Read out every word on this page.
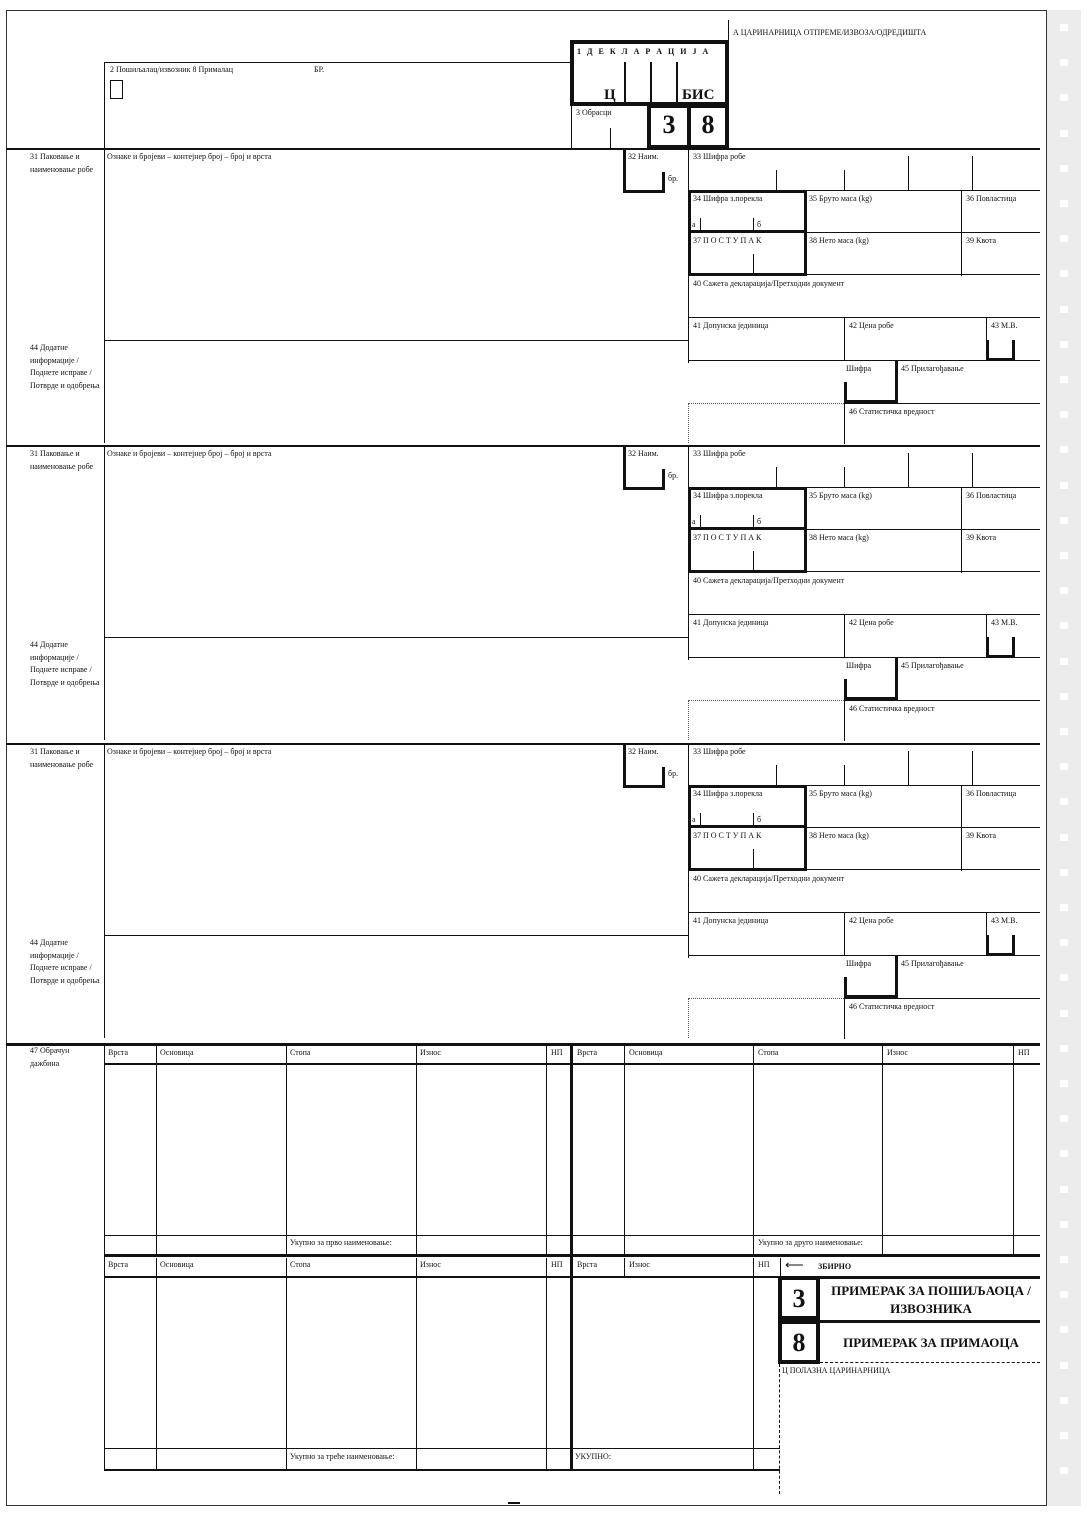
А ЦАРИНАРНИЦА ОТПРЕМЕ/ИЗВОЗА/ОДРЕДИШТА
2 Пошиљалац/извозник 8 Прималац	БР.
1 Д Е К Л А Р А Ц И Ј А
Ц	БИС
3 Обрасци	3	8
31 Паковање и наименовање робе
Ознаке и бројеви – контејнер број – број и врста	32 Наим.
бр.
33 Шифра робе
34 Шифра з.порекла
а	б
35 Бруто маса (kg)	36 Повластица
37 П О С Т У П А К	38 Нето маса (kg)	39 Квота
40 Сажета декларација/Претходни документ
41 Допунска јединица	42 Цена робе	43 М.В.
44 Додатне информације / Поднете исправе / Потврде и одобрења
Шифра	45 Прилагођавање
46 Статистичка вредност
31 Паковање и наименовање робе
Ознаке и бројеви – контејнер број – број и врста	32 Наим.
бр.
33 Шифра робе
34 Шифра з.порекла
а	б
35 Бруто маса (kg)	36 Повластица
37 П О С Т У П А К	38 Нето маса (kg)	39 Квота
40 Сажета декларација/Претходни документ
41 Допунска јединица	42 Цена робе	43 М.В.
44 Додатне информације / Поднете исправе / Потврде и одобрења
Шифра	45 Прилагођавање
46 Статистичка вредност
31 Паковање и наименовање робе
Ознаке и бројеви – контејнер број – број и врста	32 Наим.
бр.
33 Шифра робе
34 Шифра з.порекла
а	б
35 Бруто маса (kg)	36 Повластица
37 П О С Т У П А К	38 Нето маса (kg)	39 Квота
40 Сажета декларација/Претходни документ
41 Допунска јединица	42 Цена робе	43 М.В.
44 Додатне информације / Поднете исправе / Потврде и одобрења
Шифра	45 Прилагођавање
46 Статистичка вредност
47 Обрачун дажбина
Укупно за прво наименовање:	Укупно за друго наименовање:
Укупно за треће наименовање:	УКУПНО:
ЗБИРНО
⟵
3	ПРИМЕРАК ЗА ПОШИЉАОЦА / ИЗВОЗНИКА
8	ПРИМЕРАК ЗА ПРИМАОЦА
Ц ПОЛАЗНА ЦАРИНАРНИЦА
Врста	Основица	Стопа	Износ	НП Врста	Основица	Стопа	Износ	НП
Врста	Основица	Стопа	Износ	НП Врста	Износ	НП
